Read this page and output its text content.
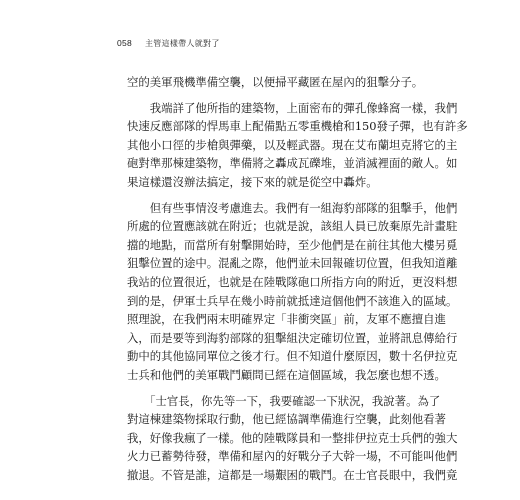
058 主管這樣帶人就對了
空的美軍飛機準備空襲，以便掃平藏匿在屋內的狙擊分子。
　　我端詳了他所指的建築物，上面密布的彈孔像蜂窩一樣，我們
快速反應部隊的悍馬車上配備點五零重機槍和150發子彈，也有許多
其他小口徑的步槍與彈藥，以及輕武器。現在艾布蘭坦克將它的主
砲對準那棟建築物，準備將之轟成瓦礫堆，並消滅裡面的敵人。如
果這樣還沒辦法搞定，接下來的就是從空中轟炸。
　　但有些事情沒考慮進去。我們有一組海豹部隊的狙擊手，他們
所處的位置應該就在附近；也就是說，該組人員已放棄原先計畫駐
擋的地點，而當所有射擊開始時，至少他們是在前往其他大樓另覓
狙擊位置的途中。混亂之際，他們並未回報確切位置，但我知道離
我站的位置很近，也就是在陸戰隊砲口所指方向的附近，更沒料想
到的是，伊軍士兵早在幾小時前就抵達這個他們不該進入的區域。
照理說，在我們兩末明確界定「非衝突區」前，友軍不應擅自進
入，而是要等到海豹部隊的狙擊組決定確切位置，並將訊息傳給行
動中的其他協同單位之後才行。但不知道什麼原因，數十名伊拉克
士兵和他們的美軍戰鬥顧問已經在這個區域，我怎麼也想不透。
　　「士官長，你先等一下，我要確認一下狀況，我說著。為了
對這棟建築物採取行動，他已經協調準備進行空襲，此刻他看著
我，好像我瘋了一樣。他的陸戰隊員和一整排伊拉克士兵們的強大
火力已蓄勢待發，準備和屋內的好戰分子大幹一場，不可能叫他們
撤退。不管是誰，這都是一場艱困的戰鬥。在士官長眼中，我們竟
